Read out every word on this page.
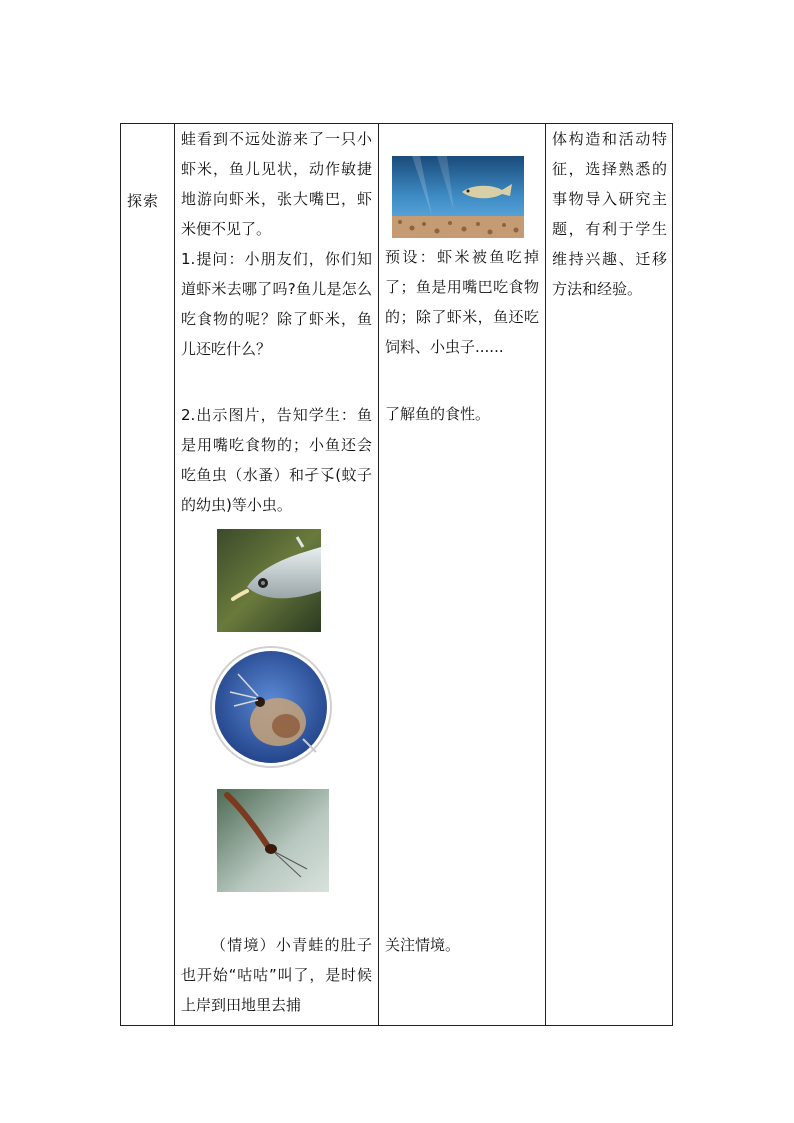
探索
蛙看到不远处游来了一只小虾米，鱼儿见状，动作敏捷地游向虾米，张大嘴巴，虾米便不见了。
1.提问：小朋友们，你们知道虾米去哪了吗?鱼儿是怎么吃食物的呢？除了虾米，鱼儿还吃什么？
2.出示图片，告知学生：鱼是用嘴吃食物的；小鱼还会吃鱼虫（水蚤）和孑孓(蚊子的幼虫)等小虫。
（情境）小青蛙的肚子也开始“咕咕”叫了，是时候上岸到田地里去捕
预设：虾米被鱼吃掉了；鱼是用嘴巴吃食物的；除了虾米，鱼还吃饲料、小虫子......
了解鱼的食性。
关注情境。
体构造和活动特征，选择熟悉的事物导入研究主题，有利于学生维持兴趣、迁移方法和经验。
